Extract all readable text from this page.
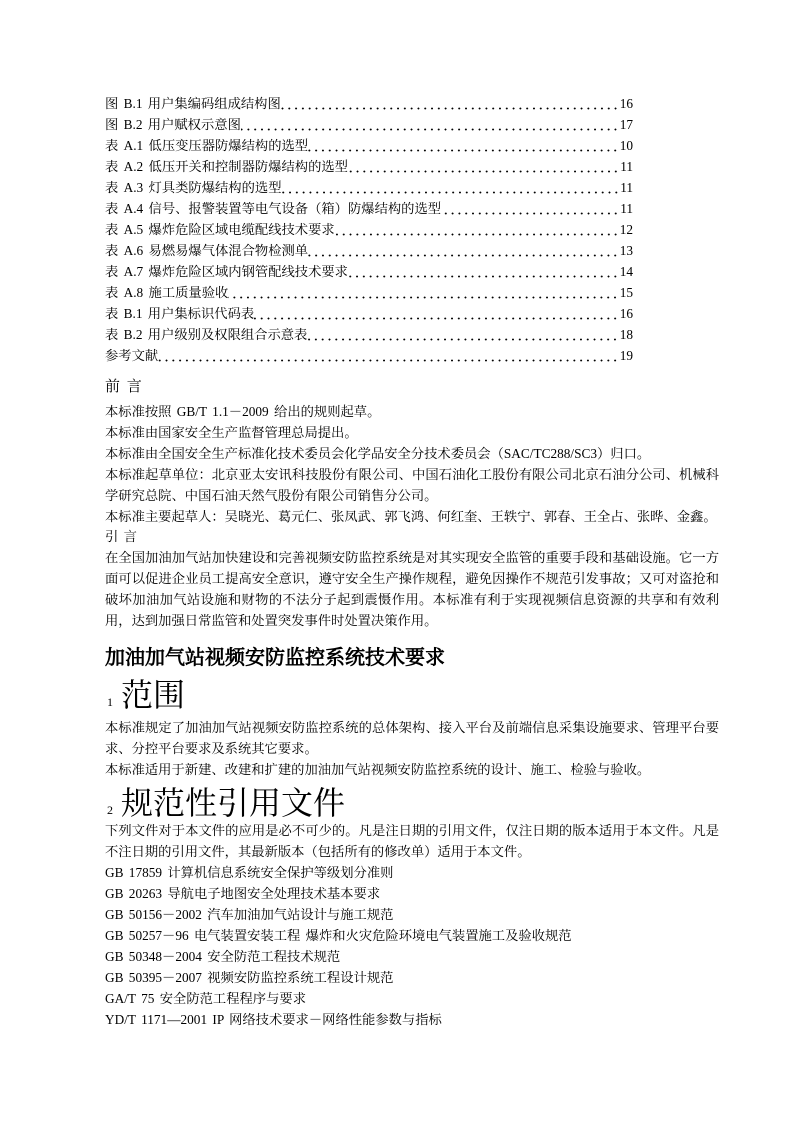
图 B.1 用户集编码组成结构图	16
图 B.2 用户赋权示意图	17
表 A.1 低压变压器防爆结构的选型	10
表 A.2 低压开关和控制器防爆结构的选型	11
表 A.3 灯具类防爆结构的选型	11
表 A.4 信号、报警装置等电气设备（箱）防爆结构的选型	11
表 A.5 爆炸危险区域电缆配线技术要求	12
表 A.6 易燃易爆气体混合物检测单	13
表 A.7 爆炸危险区域内钢管配线技术要求	14
表 A.8 施工质量验收	15
表 B.1 用户集标识代码表	16
表 B.2 用户级别及权限组合示意表	18
参考文献	19
前 言

本标准按照 GB/T 1.1－2009 给出的规则起草。

本标准由国家安全生产监督管理总局提出。

本标准由全国安全生产标准化技术委员会化学品安全分技术委员会（SAC/TC288/SC3）归口。

本标准起草单位：北京亚太安讯科技股份有限公司、中国石油化工股份有限公司北京石油分公司、机械科学研究总院、中国石油天然气股份有限公司销售分公司。

本标准主要起草人：吴晓光、葛元仁、张凤武、郭飞鸿、何红奎、王轶宁、郭春、王全占、张晔、金鑫。

引 言

在全国加油加气站加快建设和完善视频安防监控系统是对其实现安全监管的重要手段和基础设施。它一方面可以促进企业员工提高安全意识，遵守安全生产操作规程，避免因操作不规范引发事故；又可对盗抢和破坏加油加气站设施和财物的不法分子起到震慑作用。本标准有利于实现视频信息资源的共享和有效利用，达到加强日常监管和处置突发事件时处置决策作用。

加油加气站视频安防监控系统技术要求
1 范围

本标准规定了加油加气站视频安防监控系统的总体架构、接入平台及前端信息采集设施要求、管理平台要求、分控平台要求及系统其它要求。

本标准适用于新建、改建和扩建的加油加气站视频安防监控系统的设计、施工、检验与验收。

2 规范性引用文件

下列文件对于本文件的应用是必不可少的。凡是注日期的引用文件，仅注日期的版本适用于本文件。凡是不注日期的引用文件，其最新版本（包括所有的修改单）适用于本文件。

GB 17859 计算机信息系统安全保护等级划分准则
GB 20263 导航电子地图安全处理技术基本要求
GB 50156－2002 汽车加油加气站设计与施工规范
GB 50257－96 电气装置安装工程 爆炸和火灾危险环境电气装置施工及验收规范
GB 50348－2004 安全防范工程技术规范
GB 50395－2007 视频安防监控系统工程设计规范
GA/T 75 安全防范工程程序与要求
YD/T 1171—2001 IP 网络技术要求－网络性能参数与指标
